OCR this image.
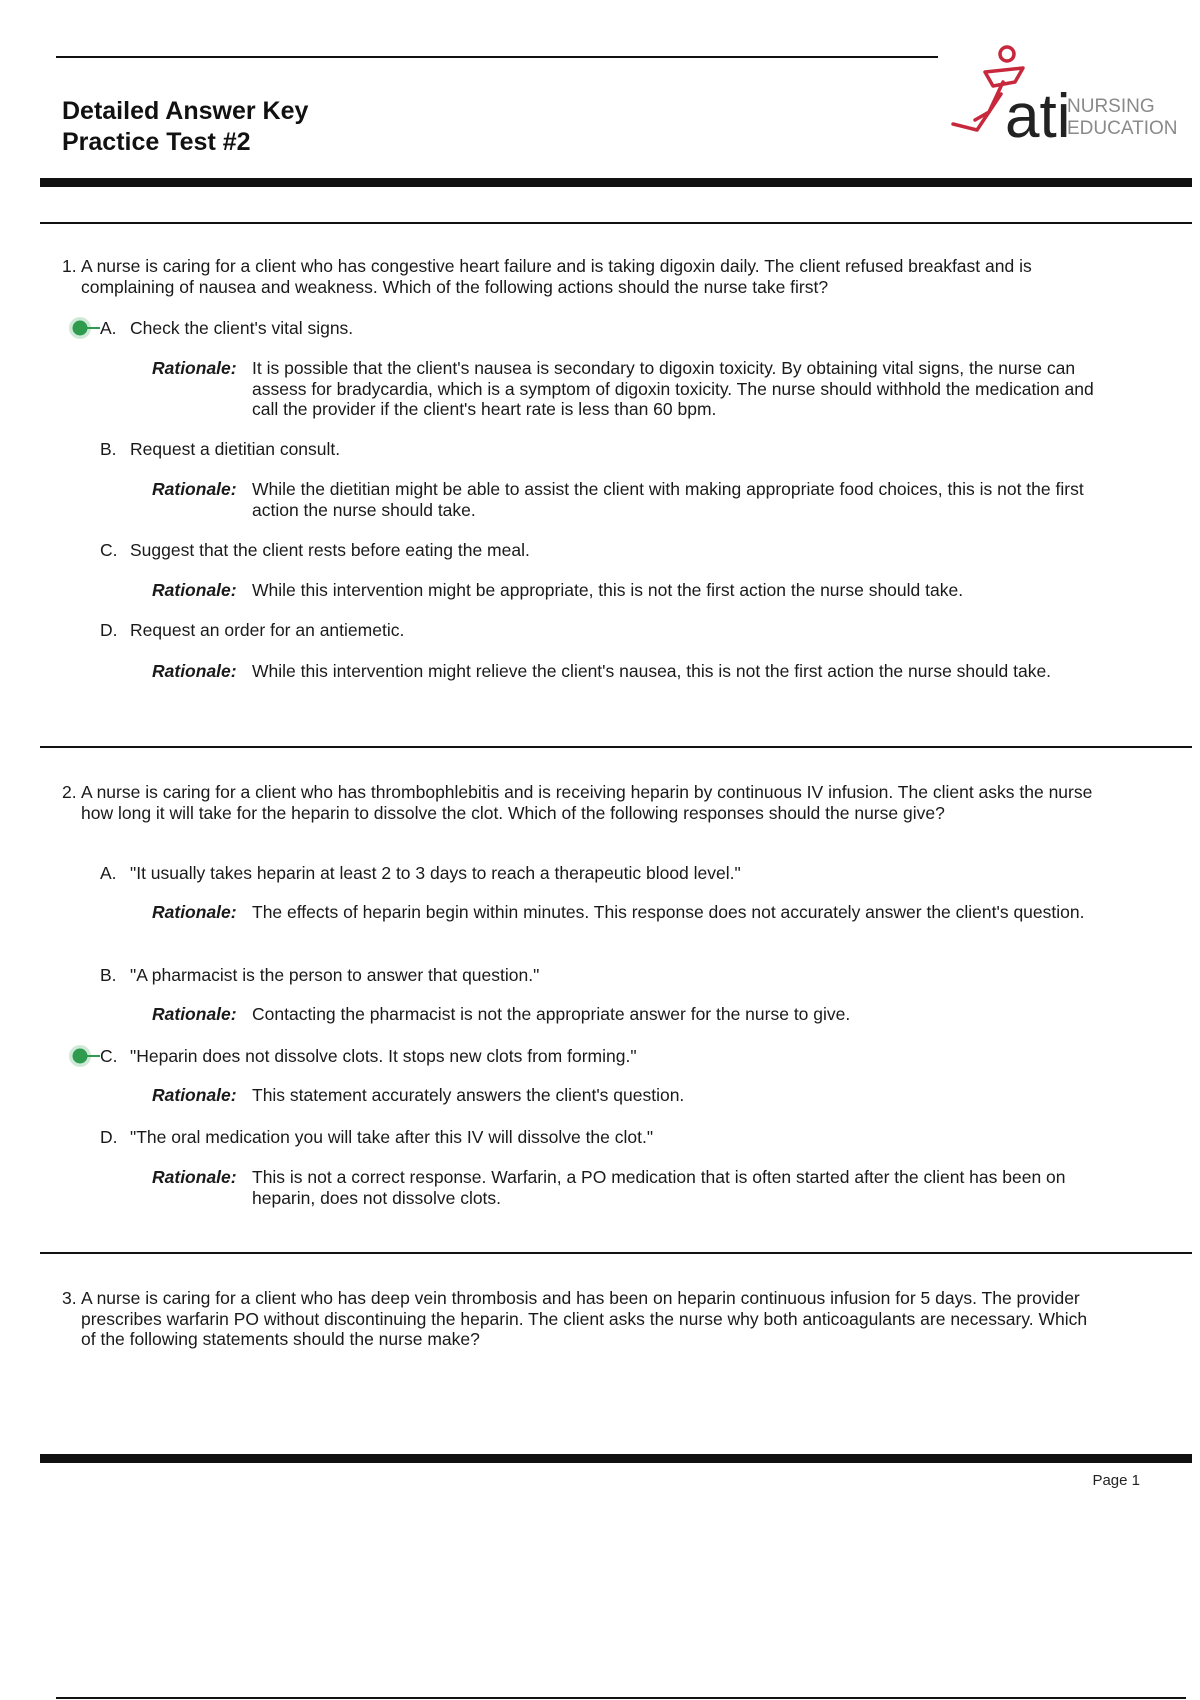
Detailed Answer Key
Practice Test #2	ati
NURSING
EDUCATION
1. A nurse is caring for a client who has congestive heart failure and is taking digoxin daily. The client refused breakfast and is complaining of nausea and weakness. Which of the following actions should the nurse take first?
A. Check the client's vital signs.
Rationale: It is possible that the client's nausea is secondary to digoxin toxicity. By obtaining vital signs, the nurse can assess for bradycardia, which is a symptom of digoxin toxicity. The nurse should withhold the medication and call the provider if the client's heart rate is less than 60 bpm.
B. Request a dietitian consult.
Rationale: While the dietitian might be able to assist the client with making appropriate food choices, this is not the first action the nurse should take.
C. Suggest that the client rests before eating the meal.
Rationale: While this intervention might be appropriate, this is not the first action the nurse should take.
D. Request an order for an antiemetic.
Rationale: While this intervention might relieve the client's nausea, this is not the first action the nurse should take.
2. A nurse is caring for a client who has thrombophlebitis and is receiving heparin by continuous IV infusion. The client asks the nurse how long it will take for the heparin to dissolve the clot. Which of the following responses should the nurse give?
A. "It usually takes heparin at least 2 to 3 days to reach a therapeutic blood level."
Rationale: The effects of heparin begin within minutes. This response does not accurately answer the client's question.
B. "A pharmacist is the person to answer that question."
Rationale: Contacting the pharmacist is not the appropriate answer for the nurse to give.
C. "Heparin does not dissolve clots. It stops new clots from forming."
Rationale: This statement accurately answers the client's question.
D. "The oral medication you will take after this IV will dissolve the clot."
Rationale: This is not a correct response. Warfarin, a PO medication that is often started after the client has been on heparin, does not dissolve clots.
3. A nurse is caring for a client who has deep vein thrombosis and has been on heparin continuous infusion for 5 days. The provider prescribes warfarin PO without discontinuing the heparin. The client asks the nurse why both anticoagulants are necessary. Which of the following statements should the nurse make?
Page 1
